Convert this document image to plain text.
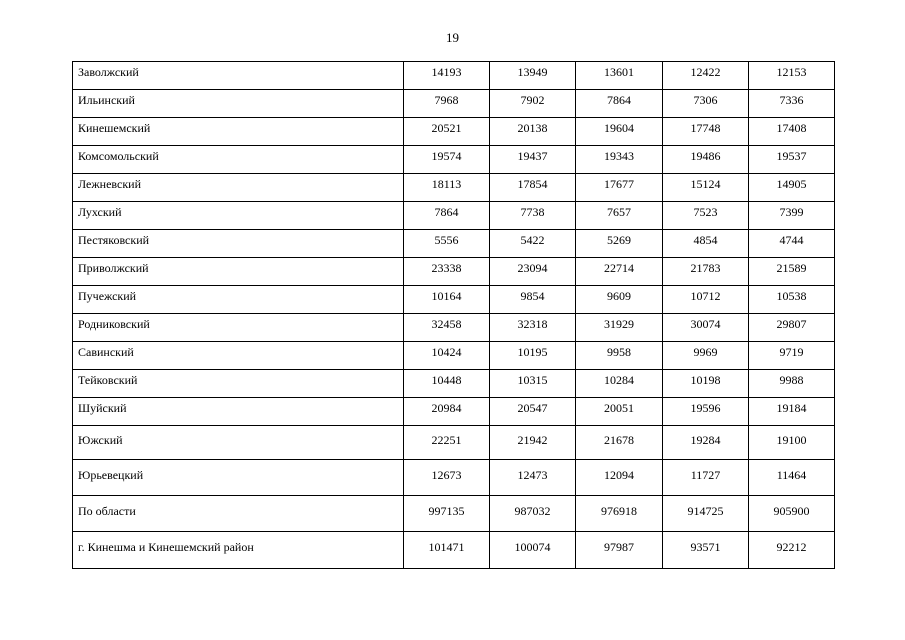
19
Заволжский	14193	13949	13601	12422	12153
Ильинский	7968	7902	7864	7306	7336
Кинешемский	20521	20138	19604	17748	17408
Комсомольский	19574	19437	19343	19486	19537
Лежневский	18113	17854	17677	15124	14905
Лухский	7864	7738	7657	7523	7399
Пестяковский	5556	5422	5269	4854	4744
Приволжский	23338	23094	22714	21783	21589
Пучежский	10164	9854	9609	10712	10538
Родниковский	32458	32318	31929	30074	29807
Савинский	10424	10195	9958	9969	9719
Тейковский	10448	10315	10284	10198	9988
Шуйский	20984	20547	20051	19596	19184
Южский	22251	21942	21678	19284	19100
Юрьевецкий	12673	12473	12094	11727	11464
По области	997135	987032	976918	914725	905900
г. Кинешма и Кинешемский район	101471	100074	97987	93571	92212
